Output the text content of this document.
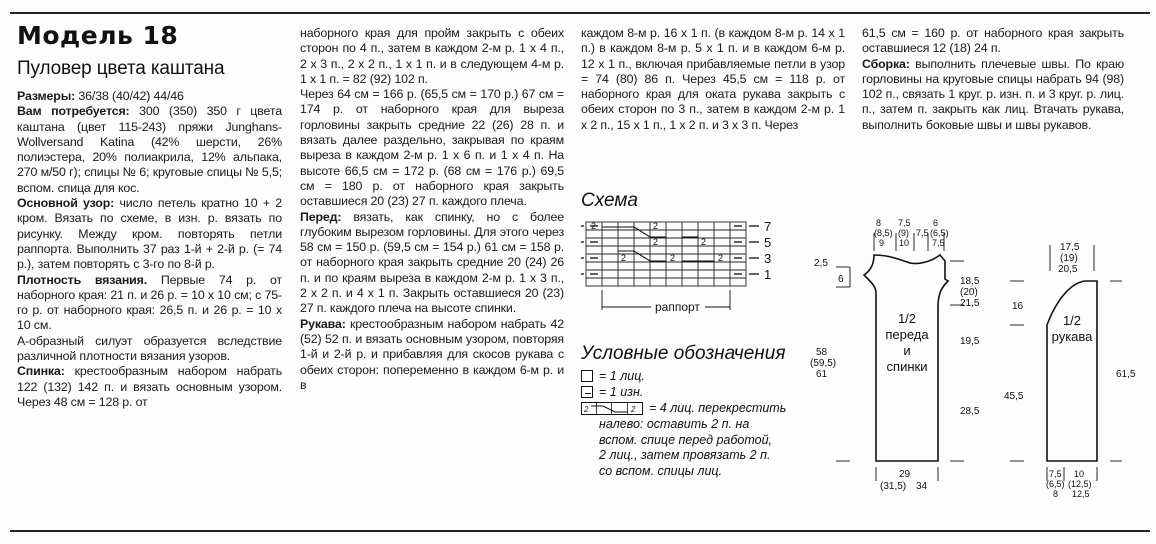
Модель 18
Пуловер цвета каштана

Размеры: 36/38 (40/42) 44/46

Вам потребуется: 300 (350) 350 г цвета каштана (цвет 115-243) пряжи Junghans-Wollversand Katina (42% шерсти, 26% полиэстера, 20% полиакрила, 12% альпака, 270 м/50 г); спицы № 6; круговые спицы № 5,5; вспом. спица для кос.

Основной узор: число петель кратно 10 + 2 кром. Вязать по схеме, в изн. р. вязать по рисунку. Между кром. повторять петли раппорта. Выполнить 37 раз 1-й + 2-й р. (= 74 р.), затем повторять с 3-го по 8-й р.

Плотность вязания. Первые 74 р. от наборного края: 21 п. и 26 р. = 10 х 10 см; с 75-го р. от наборного края: 26,5 п. и 26 р. = 10 х 10 см.

А-образный силуэт образуется вследствие различной плотности вязания узоров.

Спинка: крестообразным набором набрать 122 (132) 142 п. и вязать основным узором. Через 48 см = 128 р. от

наборного края для пройм закрыть с обеих сторон по 4 п., затем в каждом 2-м р. 1 х 4 п., 2 х 3 п., 2 х 2 п., 1 х 1 п. и в следующем 4-м р. 1 х 1 п. = 82 (92) 102 п.

Через 64 см = 166 р. (65,5 см = 170 р.) 67 см = 174 р. от наборного края для выреза горловины закрыть средние 22 (26) 28 п. и вязать далее раздельно, закрывая по краям выреза в каждом 2-м р. 1 х 6 п. и 1 х 4 п. На высоте 66,5 см = 172 р. (68 см = 176 р.) 69,5 см = 180 р. от наборного края закрыть оставшиеся 20 (23) 27 п. каждого плеча.

Перед: вязать, как спинку, но с более глубоким вырезом горловины. Для этого через 58 см = 150 р. (59,5 см = 154 р.) 61 см = 158 р. от наборного края закрыть средние 20 (24) 26 п. и по краям выреза в каждом 2-м р. 1 х 3 п., 2 х 2 п. и 4 х 1 п. Закрыть оставшиеся 20 (23) 27 п. каждого плеча на высоте спинки.

Рукава: крестообразным набором набрать 42 (52) 52 п. и вязать основным узором, повторяя 1-й и 2-й р. и прибавляя для скосов рукава с обеих сторон: попеременно в каждом 6-м р. и в

каждом 8-м р. 16 х 1 п. (в каждом 8-м р. 14 х 1 п.) в каждом 8-м р. 5 х 1 п. и в каждом 6-м р. 12 х 1 п., включая прибавляемые петли в узор = 74 (80) 86 п. Через 45,5 см = 118 р. от наборного края для оката рукава закрыть с обеих сторон по 3 п., затем в каждом 2-м р. 1 х 2 п., 15 х 1 п., 1 х 2 п. и 3 х 3 п. Через

61,5 см = 160 р. от наборного края закрыть оставшиеся 12 (18) 24 п.

Сборка: выполнить плечевые швы. По краю горловины на круговые спицы набрать 94 (98) 102 п., связать 1 круг. р. изн. п. и 3 круг. р. лиц. п., затем п. закрыть как лиц. Втачать рукава, выполнить боковые швы и швы рукавов.

Схема
2	2
2	2
2	2	2
7
5
3
1
раппорт
Условные обозначения
= 1 лиц.
= 1 изн.
2	2 = 4 лиц. перекрестить
налево: оставить 2 п. на
вспом. спице перед работой,
2 лиц., затем провязать 2 п.
со вспом. спицы лиц.
8
(8,5)
9
7,5
(9)
10
7,5
6
(6,5)
7,5
2,5
6
58
(59,5)
61
18,5
(20)
21,5
19,5
28,5
29
(31,5) 34
17,5
(19)
20,5
16
45,5
61,5
7,5
(6,5)
8
10
(12,5)
12,5
1/2
переда
и
спинки
1/2
рукава
